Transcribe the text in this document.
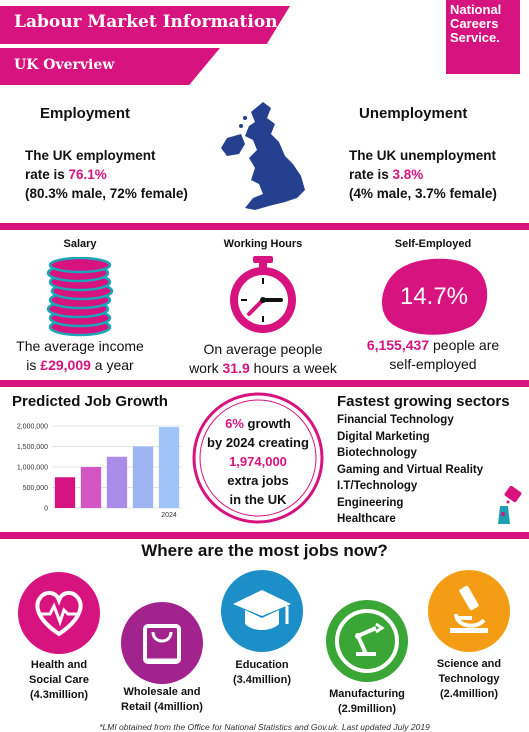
Labour Market Information
UK Overview
National
Careers
Service.
Employment
The UK employment
rate is 76.1%
(80.3% male, 72% female)
Unemployment
The UK unemployment
rate is 3.8%
(4% male, 3.7% female)
Salary
The average income
is £29,009 a year
Working Hours
On average people
work 31.9 hours a week
Self-Employed
14.7%
6,155,437 people are
self-employed
Predicted Job Growth
0
500,000
1,000,000
1,500,000
2,000,000
2024
6% growth
by 2024 creating
1,974,000
extra jobs
in the UK
Fastest growing sectors
Financial Technology
Digital Marketing
Biotechnology
Gaming and Virtual Reality
I.T/Technology
Engineering
Healthcare
Where are the most jobs now?
Health and
Social Care
(4.3million)	Wholesale and
Retail (4million)
Education
(3.4million)
Manufacturing
(2.9million)
Science and
Technology
(2.4million)
*LMI obtained from the Office for National Statistics and Gov.uk. Last updated July 2019
